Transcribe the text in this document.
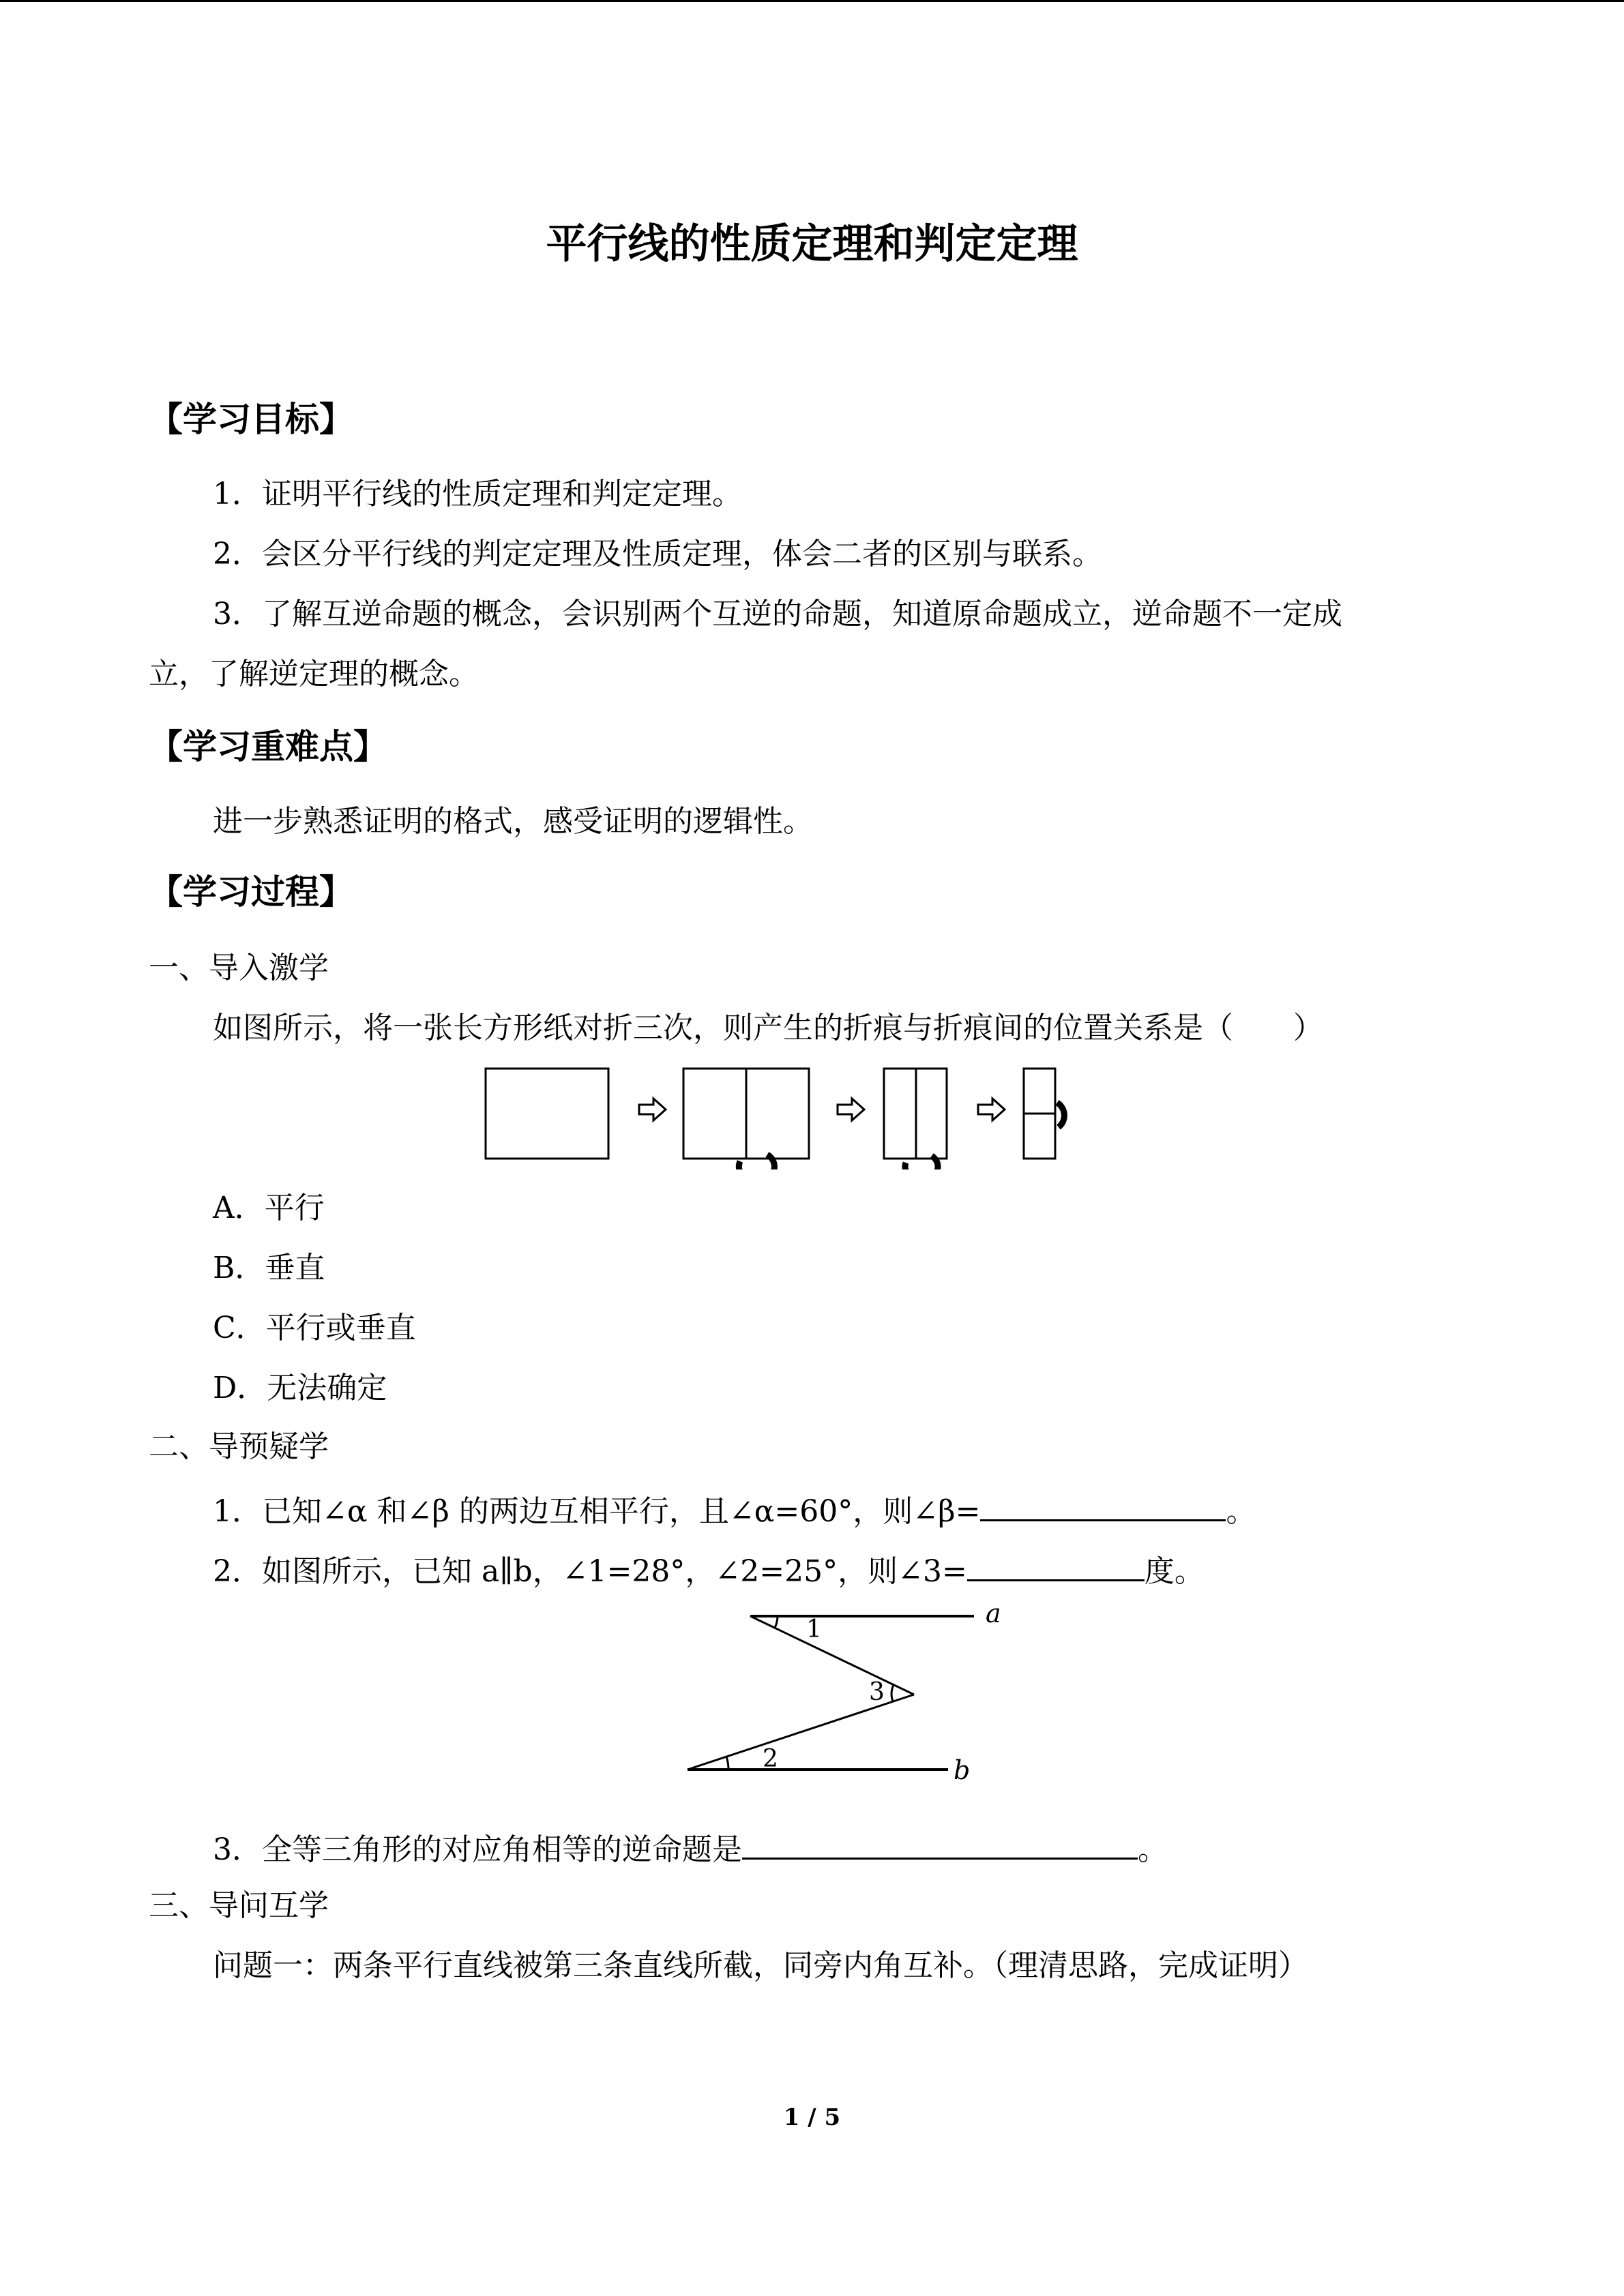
平行线的性质定理和判定定理
【学习目标】
1．证明平行线的性质定理和判定定理。
2．会区分平行线的判定定理及性质定理，体会二者的区别与联系。
3．了解互逆命题的概念，会识别两个互逆的命题，知道原命题成立，逆命题不一定成
立，了解逆定理的概念。
【学习重难点】
进一步熟悉证明的格式，感受证明的逻辑性。
【学习过程】
一、导入激学
如图所示，将一张长方形纸对折三次，则产生的折痕与折痕间的位置关系是（　　）
A．平行
B．垂直
C．平行或垂直
D．无法确定
二、导预疑学
1．已知∠α 和∠β 的两边互相平行，且∠α=60°，则∠β=	。
2．如图所示，已知 a∥b，∠1=28°，∠2=25°，则∠3=	度。
a
b
1
3
2
3．全等三角形的对应角相等的逆命题是	。
三、导问互学
问题一：两条平行直线被第三条直线所截，同旁内角互补。（理清思路，完成证明）
1 / 5
